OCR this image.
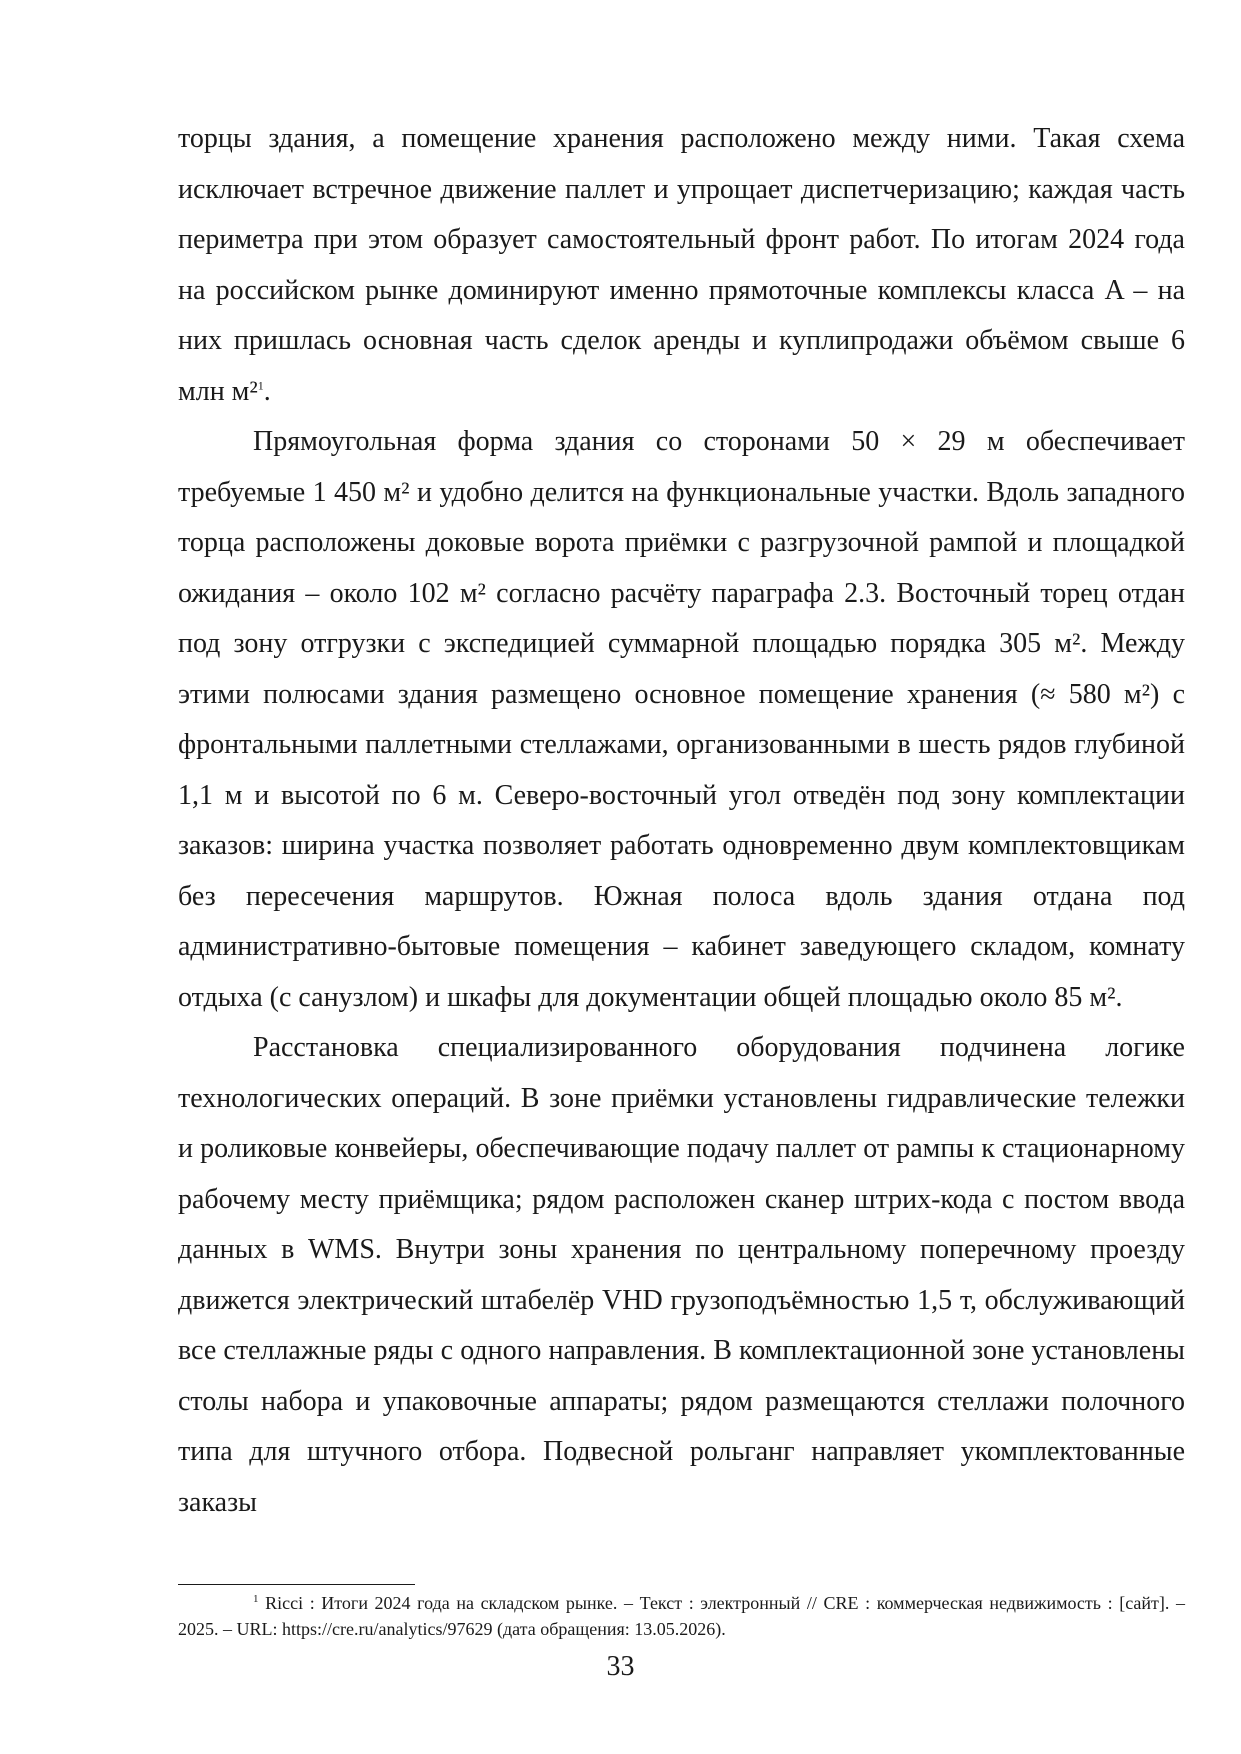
торцы здания, а помещение хранения расположено между ними. Такая схема исключает встречное движение паллет и упрощает диспетчеризацию; каждая часть периметра при этом образует самостоятельный фронт работ. По итогам 2024 года на российском рынке доминируют именно прямоточные комплексы класса A – на них пришлась основная часть сделок аренды и куплипродажи объёмом свыше 6 млн м²$^1$.

Прямоугольная форма здания со сторонами 50 × 29 м обеспечивает требуемые 1 450 м² и удобно делится на функциональные участки. Вдоль западного торца расположены доковые ворота приёмки с разгрузочной рампой и площадкой ожидания – около 102 м² согласно расчёту параграфа 2.3. Восточный торец отдан под зону отгрузки с экспедицией суммарной площадью порядка 305 м². Между этими полюсами здания размещено основное помещение хранения (≈ 580 м²) с фронтальными паллетными стеллажами, организованными в шесть рядов глубиной 1,1 м и высотой по 6 м. Северо-восточный угол отведён под зону комплектации заказов: ширина участка позволяет работать одновременно двум комплектовщикам без пересечения маршрутов. Южная полоса вдоль здания отдана под административно-бытовые помещения – кабинет заведующего складом, комнату отдыха (с санузлом) и шкафы для документации общей площадью около 85 м².

Расстановка специализированного оборудования подчинена логике технологических операций. В зоне приёмки установлены гидравлические тележки и роликовые конвейеры, обеспечивающие подачу паллет от рампы к стационарному рабочему месту приёмщика; рядом расположен сканер штрих-кода с постом ввода данных в WMS. Внутри зоны хранения по центральному поперечному проезду движется электрический штабелёр VHD грузоподъёмностью 1,5 т, обслуживающий все стеллажные ряды с одного направления. В комплектационной зоне установлены столы набора и упаковочные аппараты; рядом размещаются стеллажи полочного типа для штучного отбора. Подвесной рольганг направляет укомплектованные заказы

$^1$ Ricci : Итоги 2024 года на складском рынке. – Текст : электронный // CRE : коммерческая недвижимость : [сайт]. – 2025. – URL: https://cre.ru/analytics/97629 (дата обращения: 13.05.2026).
33
